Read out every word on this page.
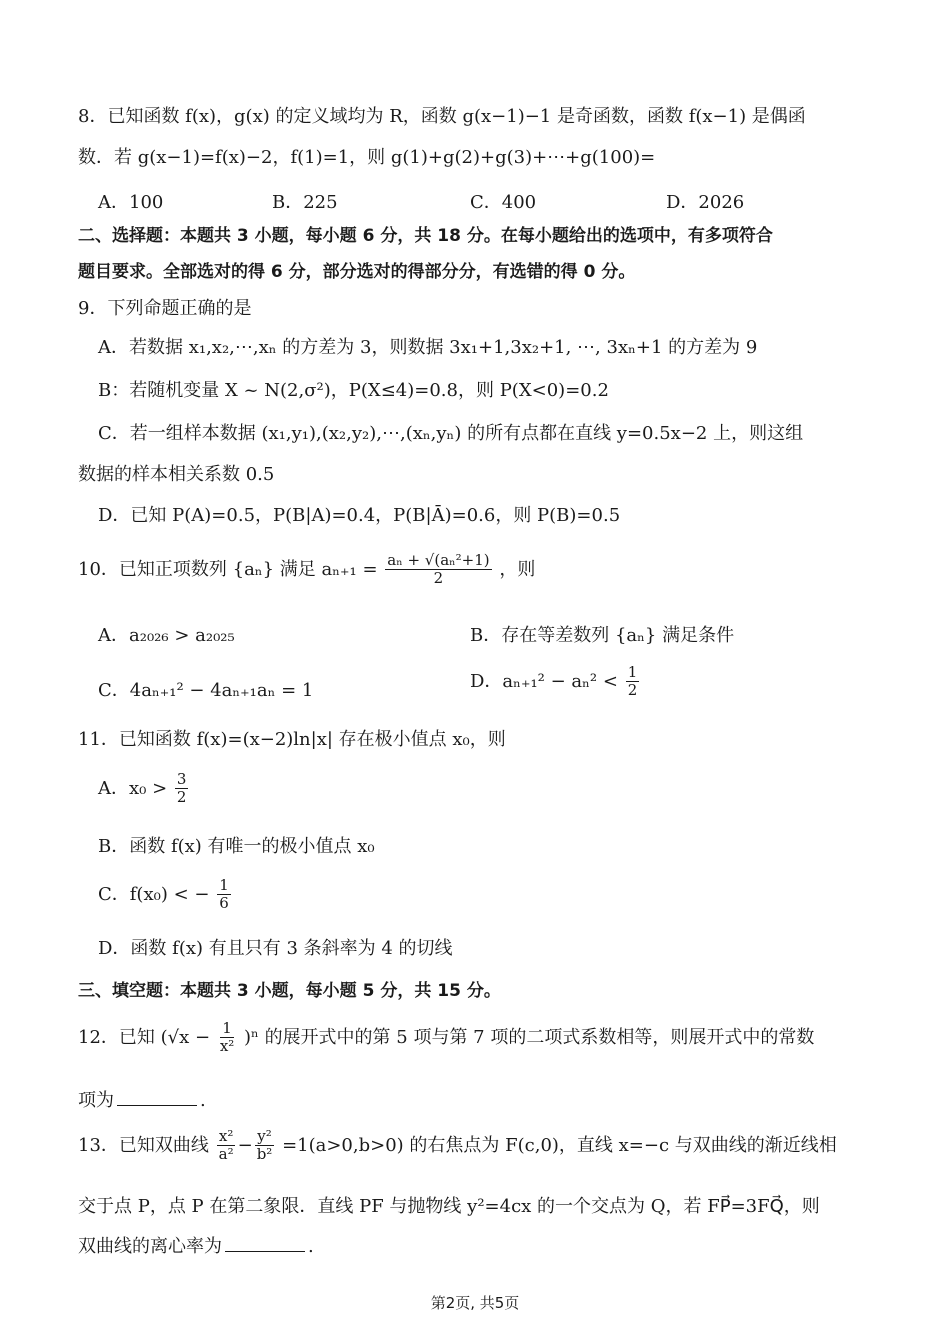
8．已知函数 f(x)，g(x) 的定义域均为 R，函数 g(x−1)−1 是奇函数，函数 f(x−1) 是偶函
数．若 g(x−1)=f(x)−2，f(1)=1，则 g(1)+g(2)+g(3)+⋯+g(100)=
A．100	B．225	C．400	D．2026
二、选择题：本题共 3 小题，每小题 6 分，共 18 分。在每小题给出的选项中，有多项符合
题目要求。全部选对的得 6 分，部分选对的得部分分，有选错的得 0 分。
9．下列命题正确的是
A．若数据 x₁,x₂,⋯,xₙ 的方差为 3，则数据 3x₁+1,3x₂+1, ⋯, 3xₙ+1 的方差为 9
B：若随机变量 X ~ N(2,σ²)，P(X≤4)=0.8，则 P(X<0)=0.2
C．若一组样本数据 (x₁,y₁),(x₂,y₂),⋯,(xₙ,yₙ) 的所有点都在直线 y=0.5x−2 上，则这组
数据的样本相关系数 0.5
D．已知 P(A)=0.5，P(B|A)=0.4，P(B|Ā)=0.6，则 P(B)=0.5
10．已知正项数列 {aₙ} 满足 $a_{n+1} = \frac{\text{aₙ + √(aₙ²+1)}}{2}$ ，则
A．a₂₀₂₆ > a₂₀₂₅	B．存在等差数列 {aₙ} 满足条件
C．4aₙ₊₁² − 4aₙ₊₁aₙ = 1	D．$a_{n+1}^2 - a_n^2 < \frac{1}{2}$
11．已知函数 f(x)=(x−2)ln|x| 存在极小值点 x₀，则
A．$x_0 > \frac{3}{2}$
B．函数 f(x) 有唯一的极小值点 x₀
C．f(x₀) < − $\frac{1}{6}$
D．函数 f(x) 有且只有 3 条斜率为 4 的切线
三、填空题：本题共 3 小题，每小题 5 分，共 15 分。
12．已知 $(√x - \frac{1}{\text{x²}} )^n$ 的展开式中的第 5 项与第 7 项的二项式系数相等，则展开式中的常数
项为	.
13．已知双曲线 $\frac{\text{x²}}{\text{a²}} - \frac{\text{y²}}{\text{b²}} =1(a>0,b>0)$ 的右焦点为 F(c,0)，直线 x=−c 与双曲线的渐近线相
交于点 P，点 P 在第二象限．直线 PF 与抛物线 y²=4cx 的一个交点为 Q，若 FP⃗=3FQ⃗，则
双曲线的离心率为	.
第2页, 共5页
